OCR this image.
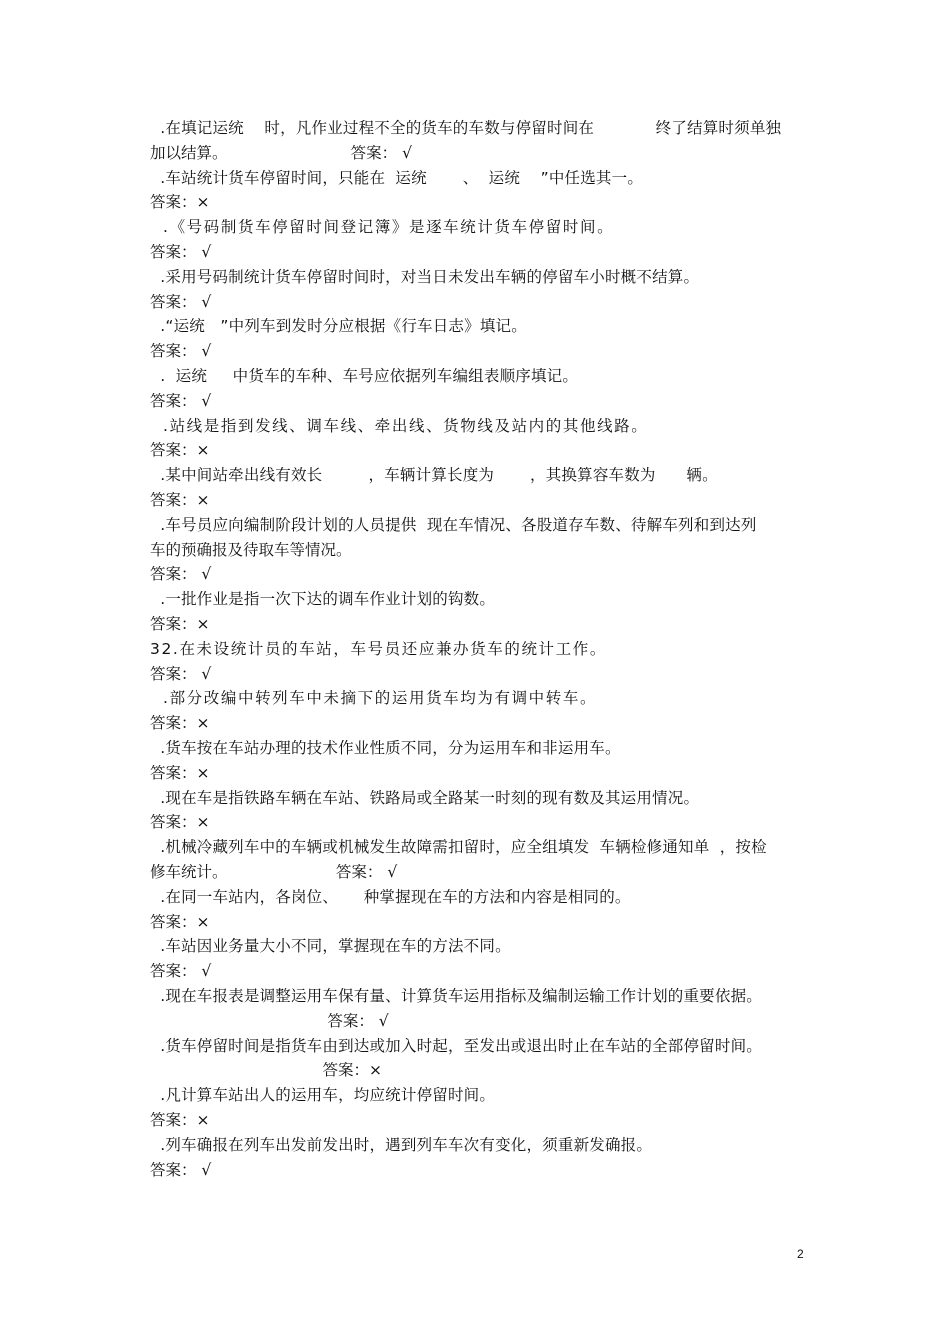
.在填记运统    时，凡作业过程不全的货车的车数与停留时间在            终了结算时须单独
加以结算。                         答案： √
.车站统计货车停留时间，只能在  运统       、  运统    ”中任选其一。
答案：×
.《号码制货车停留时间登记簿》是逐车统计货车停留时间。
答案： √
.采用号码制统计货车停留时间时，对当日未发出车辆的停留车小时概不结算。
答案： √
.“运统   ”中列车到发时分应根据《行车日志》填记。
答案： √
.  运统     中货车的车种、车号应依据列车编组表顺序填记。
答案： √
.站线是指到发线、调车线、牵出线、货物线及站内的其他线路。
答案：×
.某中间站牵出线有效长         ，车辆计算长度为       ，其换算容车数为      辆。
答案：×
.车号员应向编制阶段计划的人员提供  现在车情况、各股道存车数、待解车列和到达列
车的预确报及待取车等情况。
答案： √
.一批作业是指一次下达的调车作业计划的钩数。
答案：×
32.在未设统计员的车站，车号员还应兼办货车的统计工作。
答案： √
.部分改编中转列车中未摘下的运用货车均为有调中转车。
答案：×
.货车按在车站办理的技术作业性质不同，分为运用车和非运用车。
答案：×
.现在车是指铁路车辆在车站、铁路局或全路某一时刻的现有数及其运用情况。
答案：×
.机械冷藏列车中的车辆或机械发生故障需扣留时，应全组填发  车辆检修通知单  ，按检
修车统计。                      答案： √
.在同一车站内，各岗位、     种掌握现在车的方法和内容是相同的。
答案：×
.车站因业务量大小不同，掌握现在车的方法不同。
答案： √
.现在车报表是调整运用车保有量、计算货车运用指标及编制运输工作计划的重要依据。
答案： √
.货车停留时间是指货车由到达或加入时起，至发出或退出时止在车站的全部停留时间。
答案：×
.凡计算车站出人的运用车，均应统计停留时间。
答案：×
.列车确报在列车出发前发出时，遇到列车车次有变化，须重新发确报。
答案： √
2
